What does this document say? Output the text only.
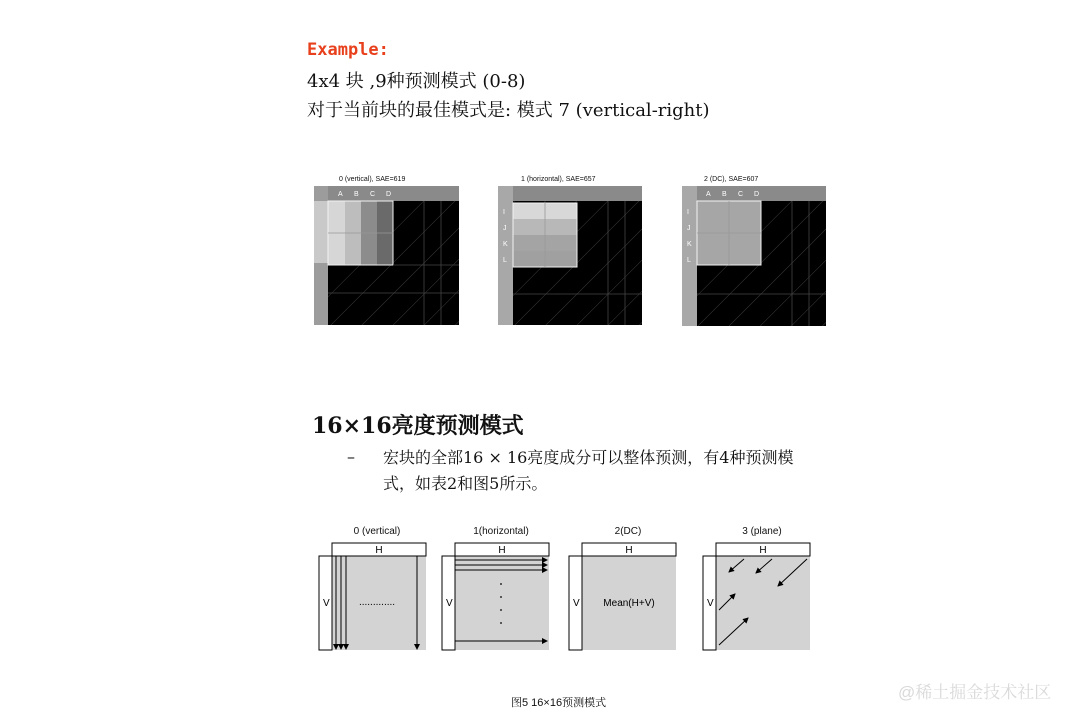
Example:
4x4 块 ,9种预测模式 (0-8)
对于当前块的最佳模式是: 模式 7 (vertical-right)
0 (vertical), SAE=619	1 (horizontal), SAE=657	2 (DC), SAE=607
A B C D
I
J
K
L
A B C D
I
J
K
L
16×16亮度预测模式
– 宏块的全部16 × 16亮度成分可以整体预测，有4种预测模式，如表2和图5所示。
0 (vertical)	1(horizontal)	2(DC)	3 (plane)
H
V	.............
H
V
H
V Mean(H+V)
H
V
图5 16×16预测模式
@稀土掘金技术社区
